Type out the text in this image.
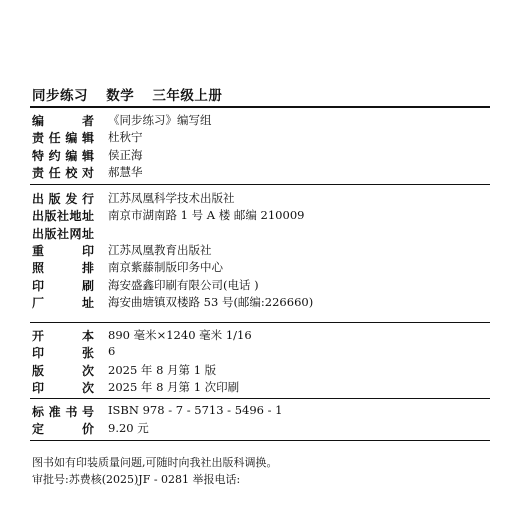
同步练习 数学 三年级上册
图书如有印装质量问题,可随时向我社出版科调换。
审批号:苏费核(2025)JF - 0281 举报电话:
编	者 《同步练习》编写组
责 任 编 辑 杜秋宁
特 约 编 辑 侯正海
责 任 校 对 郝慧华
出 版 发 行 江苏凤凰科学技术出版社
出 版 社 地 址 南京市湖南路 1 号 A 楼 邮编 210009
出 版 社 网 址
重	印 江苏凤凰教育出版社
照	排 南京紫藤制版印务中心
印	刷 海安盛鑫印刷有限公司(电话 )
厂	址 海安曲塘镇双楼路 53 号(邮编:226660)
开	本 890 毫米×1240 毫米 1/16
印	张 6
版	次 2025 年 8 月第 1 版
印	次 2025 年 8 月第 1 次印刷
标 准 书 号 ISBN 978 - 7 - 5713 - 5496 - 1
定	价 9.20 元
